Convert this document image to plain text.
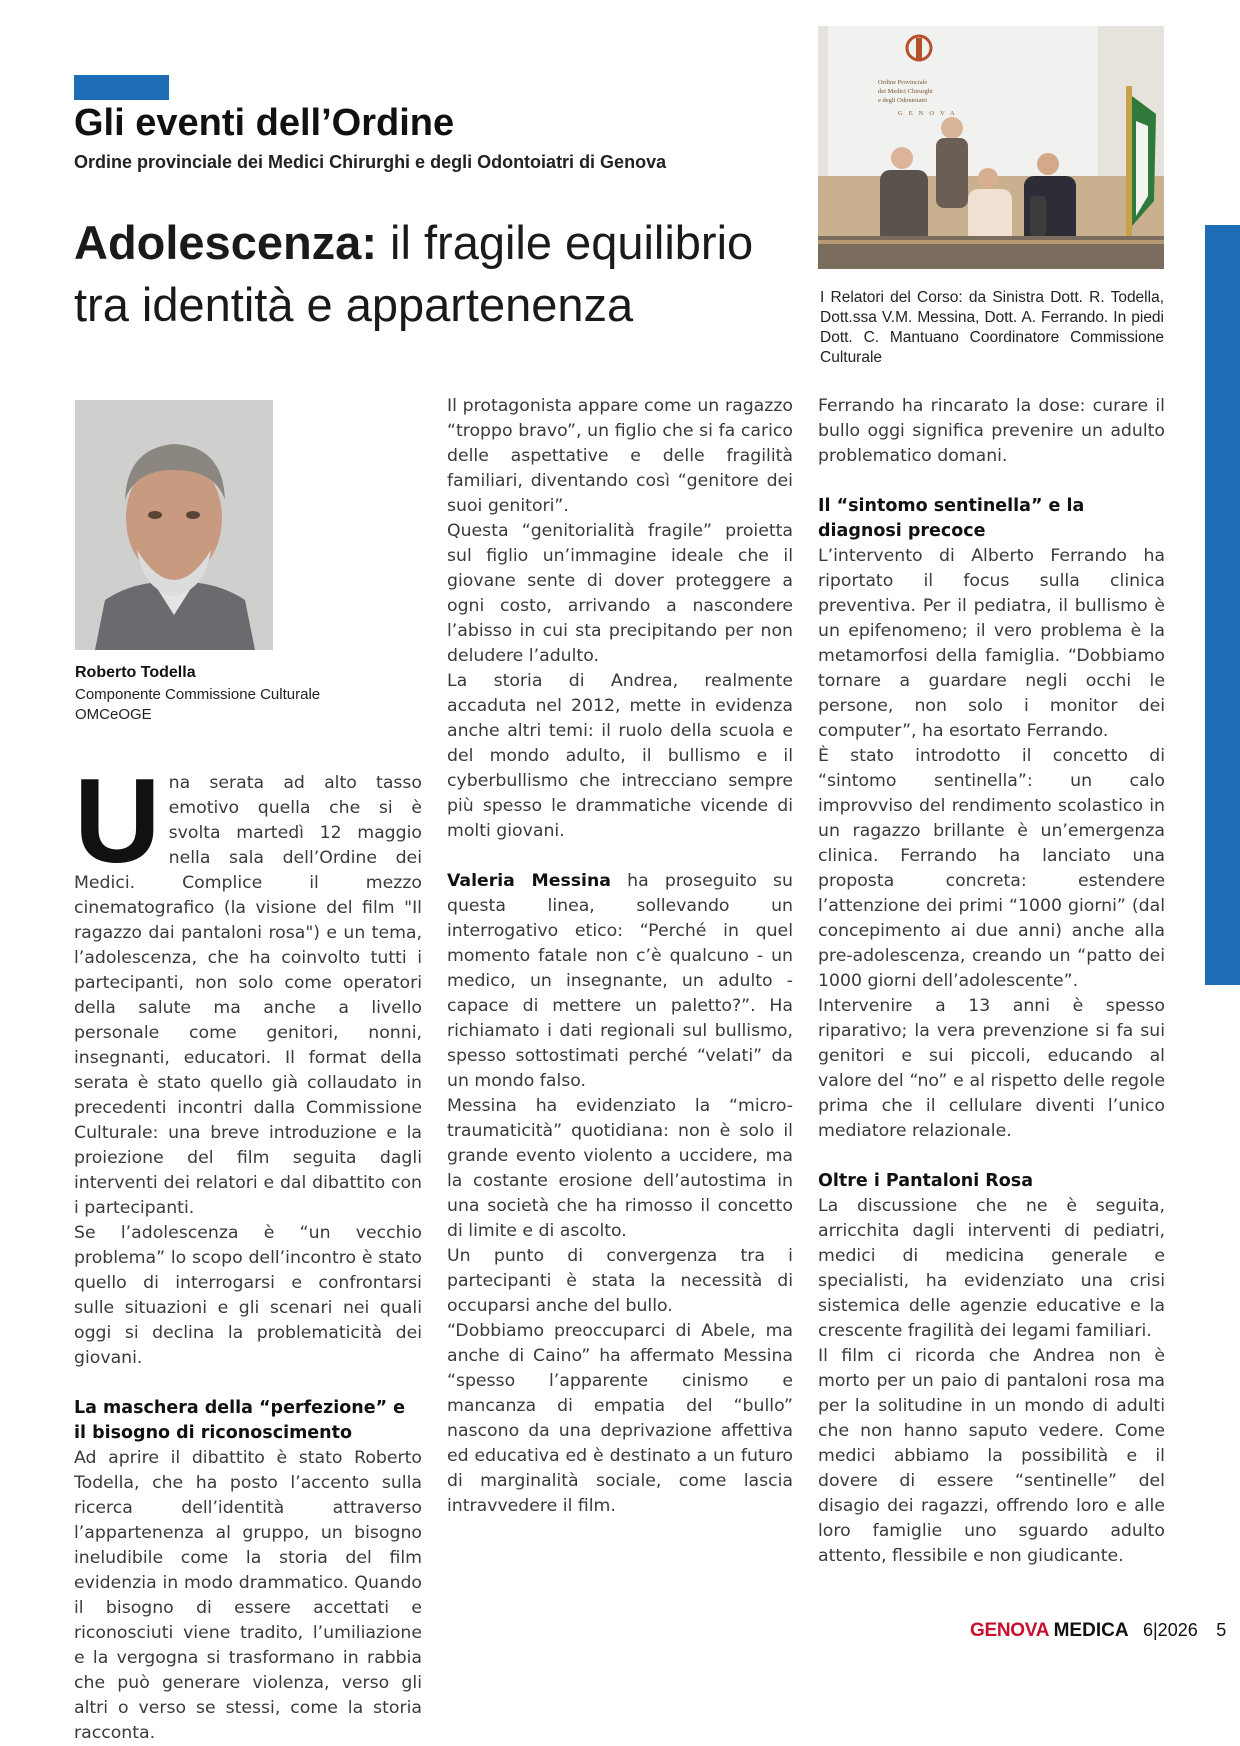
Gli eventi dell’Ordine
Ordine provinciale dei Medici Chirurghi e degli Odontoiatri di Genova
Adolescenza: il fragile equilibrio tra identità e appartenenza
Ordine Provinciale
dei Medici Chirurghi
e degli Odontoiatri
GENOVA
I Relatori del Corso: da Sinistra Dott. R. Todella, Dott.ssa V.M. Messina, Dott. A. Ferrando. In piedi Dott. C. Mantuano Coordinatore Commissione Culturale
Roberto Todella
Componente Commissione Culturale
OMCeOGE
U na serata ad alto tasso emotivo quella che si è svolta martedì 12 maggio nella sala dell’Ordine dei Medici. Complice il mezzo cinematografico (la visione del film "Il ragazzo dai pantaloni rosa") e un tema, l’adolescenza, che ha coinvolto tutti i partecipanti, non solo come operatori della salute ma anche a livello personale come genitori, nonni, insegnanti, educatori. Il format della serata è stato quello già collaudato in precedenti incontri dalla Commissione Culturale: una breve introduzione e la proiezione del film seguita dagli interventi dei relatori e dal dibattito con i partecipanti.

Se l’adolescenza è “un vecchio problema” lo scopo dell’incontro è stato quello di interrogarsi e confrontarsi sulle situazioni e gli scenari nei quali oggi si declina la problematicità dei giovani.

La maschera della “perfezione” e il bisogno di riconoscimento

Ad aprire il dibattito è stato Roberto Todella, che ha posto l’accento sulla ricerca dell’identità attraverso l’appartenenza al gruppo, un bisogno ineludibile come la storia del film evidenzia in modo drammatico. Quando il bisogno di essere accettati e riconosciuti viene tradito, l’umiliazione e la vergogna si trasformano in rabbia che può generare violenza, verso gli altri o verso se stessi, come la storia racconta.

Il protagonista appare come un ragazzo “troppo bravo”, un figlio che si fa carico delle aspettative e delle fragilità familiari, diventando così “genitore dei suoi genitori”.

Questa “genitorialità fragile” proietta sul figlio un’immagine ideale che il giovane sente di dover proteggere a ogni costo, arrivando a nascondere l’abisso in cui sta precipitando per non deludere l’adulto.

La storia di Andrea, realmente accaduta nel 2012, mette in evidenza anche altri temi: il ruolo della scuola e del mondo adulto, il bullismo e il cyberbullismo che intrecciano sempre più spesso le drammatiche vicende di molti giovani.

Valeria Messina ha proseguito su questa linea, sollevando un interrogativo etico: “Perché in quel momento fatale non c’è qualcuno - un medico, un insegnante, un adulto - capace di mettere un paletto?”. Ha richiamato i dati regionali sul bullismo, spesso sottostimati perché “velati” da un mondo falso.

Messina ha evidenziato la “micro-traumaticità” quotidiana: non è solo il grande evento violento a uccidere, ma la costante erosione dell’autostima in una società che ha rimosso il concetto di limite e di ascolto.

Un punto di convergenza tra i partecipanti è stata la necessità di occuparsi anche del bullo.

“Dobbiamo preoccuparci di Abele, ma anche di Caino” ha affermato Messina “spesso l’apparente cinismo e mancanza di empatia del “bullo” nascono da una deprivazione affettiva ed educativa ed è destinato a un futuro di marginalità sociale, come lascia intravvedere il film.

Ferrando ha rincarato la dose: curare il bullo oggi significa prevenire un adulto problematico domani.

Il “sintomo sentinella” e la diagnosi precoce

L’intervento di Alberto Ferrando ha riportato il focus sulla clinica preventiva. Per il pediatra, il bullismo è un epifenomeno; il vero problema è la metamorfosi della famiglia. “Dobbiamo tornare a guardare negli occhi le persone, non solo i monitor dei computer”, ha esortato Ferrando.

È stato introdotto il concetto di “sintomo sentinella”: un calo improvviso del rendimento scolastico in un ragazzo brillante è un’emergenza clinica. Ferrando ha lanciato una proposta concreta: estendere l’attenzione dei primi “1000 giorni” (dal concepimento ai due anni) anche alla pre-adolescenza, creando un “patto dei 1000 giorni dell’adolescente”.

Intervenire a 13 anni è spesso riparativo; la vera prevenzione si fa sui genitori e sui piccoli, educando al valore del “no” e al rispetto delle regole prima che il cellulare diventi l’unico mediatore relazionale.

Oltre i Pantaloni Rosa

La discussione che ne è seguita, arricchita dagli interventi di pediatri, medici di medicina generale e specialisti, ha evidenziato una crisi sistemica delle agenzie educative e la crescente fragilità dei legami familiari.

Il film ci ricorda che Andrea non è morto per un paio di pantaloni rosa ma per la solitudine in un mondo di adulti che non hanno saputo vedere. Come medici abbiamo la possibilità e il dovere di essere “sentinelle” del disagio dei ragazzi, offrendo loro e alle loro famiglie uno sguardo adulto attento, flessibile e non giudicante.

GENOVA MEDICA 6|2026 5
